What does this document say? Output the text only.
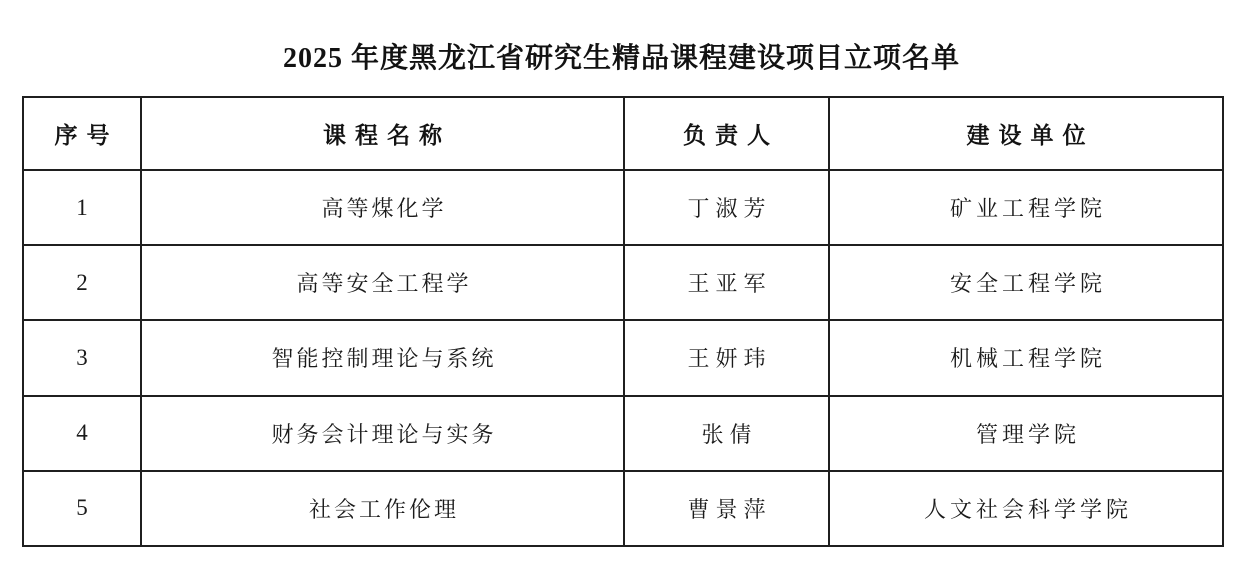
2025 年度黑龙江省研究生精品课程建设项目立项名单
序号	课程名称	负责人	建设单位
1	高等煤化学	丁淑芳	矿业工程学院
2	高等安全工程学	王亚军	安全工程学院
3	智能控制理论与系统	王妍玮	机械工程学院
4	财务会计理论与实务	张倩	管理学院
5	社会工作伦理	曹景萍	人文社会科学学院
